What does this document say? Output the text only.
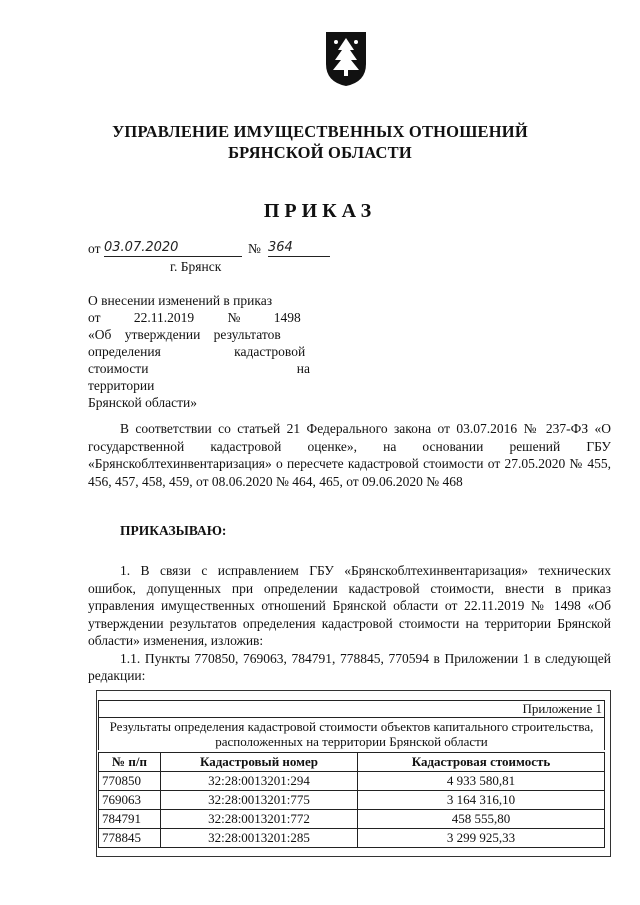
УПРАВЛЕНИЕ ИМУЩЕСТВЕННЫХ ОТНОШЕНИЙ
БРЯНСКОЙ ОБЛАСТИ
ПРИКАЗ
от 03.07.2020	№ 364
г. Брянск

О внесении изменений в приказ

от 22.11.2019 № 1498

«Об утверждении результатов

определения кадастровой

стоимости на территории

Брянской области»

В соответствии со статьей 21 Федерального закона от 03.07.2016 № 237-ФЗ «О государственной кадастровой оценке», на основании решений ГБУ «Брянскоблтехинвентаризация» о пересчете кадастровой стоимости от 27.05.2020 № 455, 456, 457, 458, 459, от 08.06.2020 № 464, 465, от 09.06.2020 № 468

ПРИКАЗЫВАЮ:

1. В связи с исправлением ГБУ «Брянскоблтехинвентаризация» технических ошибок, допущенных при определении кадастровой стоимости, внести в приказ управления имущественных отношений Брянской области от 22.11.2019 № 1498 «Об утверждении результатов определения кадастровой стоимости на территории Брянской области» изменения, изложив:

1.1. Пункты 770850, 769063, 784791, 778845, 770594 в Приложении 1 в следующей редакции:

Приложение 1
Результаты определения кадастровой стоимости объектов капитального строительства, расположенных на территории Брянской области
№ п/п	Кадастровый номер	Кадастровая стоимость
770850	32:28:0013201:294	4 933 580,81
769063	32:28:0013201:775	3 164 316,10
784791	32:28:0013201:772	458 555,80
778845	32:28:0013201:285	3 299 925,33
